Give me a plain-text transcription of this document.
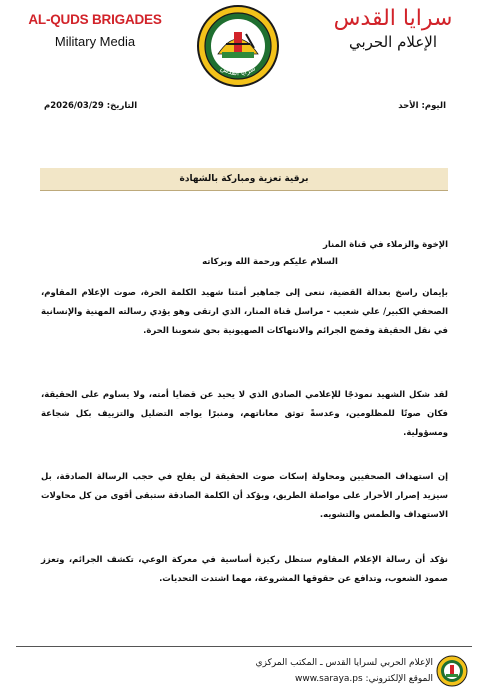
AL-QUDS BRIGADES
Military Media
سرايا القدس
سرايا القدس
الإعلام الحربي
اليوم: الأحد
التاريخ: 2026/03/29م
برقية تعزية ومباركة بالشهادة
الإخوة والزملاء في قناة المنار
السلام عليكم ورحمة الله وبركاته
بإيمان راسخ بعدالة القضية، ننعى إلى جماهير أمتنا شهيد الكلمة الحرة، صوت الإعلام المقاوم، الصحفي الكبير/ علي شعيب - مراسل قناة المنار، الذي ارتقى وهو يؤدي رسالته المهنية والإنسانية في نقل الحقيقة وفضح الجرائم والانتهاكات الصهيونية بحق شعوبنا الحرة.
لقد شكل الشهيد نموذجًا للإعلامي الصادق الذي لا يحيد عن قضايا أمته، ولا يساوم على الحقيقة، فكان صوتًا للمظلومين، وعدسةً توثق معاناتهم، ومنبرًا يواجه التضليل والتزييف بكل شجاعة ومسؤولية.
إن استهداف الصحفيين ومحاولة إسكات صوت الحقيقة لن يفلح في حجب الرسالة الصادقة، بل سيزيد إصرار الأحرار على مواصلة الطريق، ويؤكد أن الكلمة الصادقة ستبقى أقوى من كل محاولات الاستهداف والطمس والتشويه.
نؤكد أن رسالة الإعلام المقاوم ستظل ركيزة أساسية في معركة الوعي، تكشف الجرائم، وتعزز صمود الشعوب، وتدافع عن حقوقها المشروعة، مهما اشتدت التحديات.
الإعلام الحربي لسرايا القدس ـ المكتب المركزي
الموقع الإلكتروني: www.saraya.ps
